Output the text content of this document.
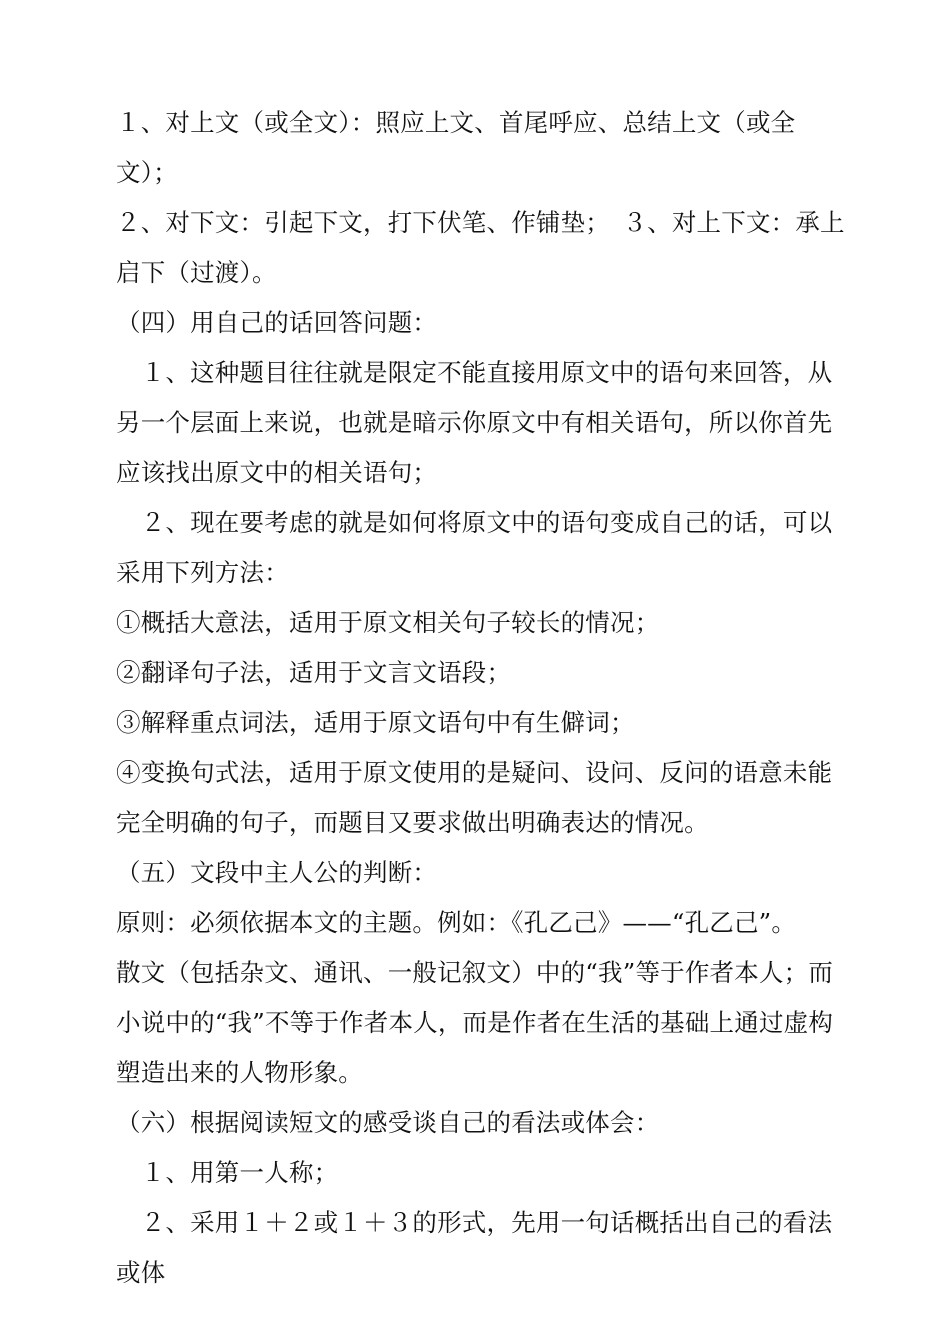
１、对上文（或全文）：照应上文、首尾呼应、总结上文（或全文）；

２、对下文：引起下文，打下伏笔、作铺垫；　３、对上下文：承上启下（过渡）。

（四）用自己的话回答问题：

　１、这种题目往往就是限定不能直接用原文中的语句来回答，从另一个层面上来说，也就是暗示你原文中有相关语句，所以你首先应该找出原文中的相关语句；

　２、现在要考虑的就是如何将原文中的语句变成自己的话，可以采用下列方法：

①概括大意法，适用于原文相关句子较长的情况；

②翻译句子法，适用于文言文语段；

③解释重点词法，适用于原文语句中有生僻词；

④变换句式法，适用于原文使用的是疑问、设问、反问的语意未能完全明确的句子，而题目又要求做出明确表达的情况。

（五）文段中主人公的判断：

原则：必须依据本文的主题。例如：《孔乙己》——“孔乙己”。

散文（包括杂文、通讯、一般记叙文）中的“我”等于作者本人；而小说中的“我”不等于作者本人，而是作者在生活的基础上通过虚构塑造出来的人物形象。

（六）根据阅读短文的感受谈自己的看法或体会：

　１、用第一人称；

　２、采用１＋２或１＋３的形式，先用一句话概括出自己的看法或体
